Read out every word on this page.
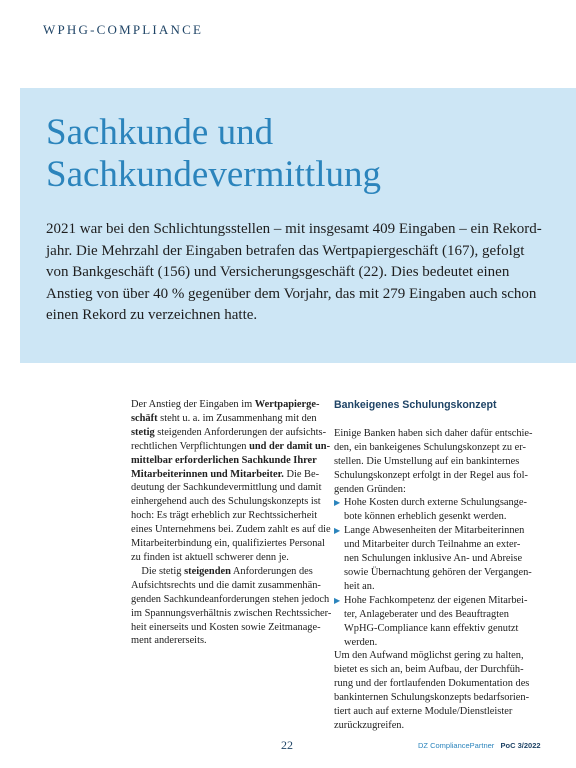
WPHG-COMPLIANCE
Sachkunde und
Sachkundevermittlung

2021 war bei den Schlichtungsstellen – mit insgesamt 409 Eingaben – ein Rekord-
jahr. Die Mehrzahl der Eingaben betrafen das Wertpapiergeschäft (167), gefolgt
von Bankgeschäft (156) und Versicherungsgeschäft (22). Dies bedeutet einen
Anstieg von über 40 % gegenüber dem Vorjahr, das mit 279 Eingaben auch schon
einen Rekord zu verzeichnen hatte.

Der Anstieg der Eingaben im Wertpapierge-
schäft steht u. a. im Zusammenhang mit den
stetig steigenden Anforderungen der aufsichts-
rechtlichen Verpflichtungen und der damit un-
mittelbar erforderlichen Sachkunde Ihrer
Mitarbeiterinnen und Mitarbeiter. Die Be-
deutung der Sachkundevermittlung und damit
einhergehend auch des Schulungskonzepts ist
hoch: Es trägt erheblich zur Rechtssicherheit
eines Unternehmens bei. Zudem zahlt es auf die
Mitarbeiterbindung ein, qualifiziertes Personal
zu finden ist aktuell schwerer denn je.
 Die stetig steigenden Anforderungen des
Aufsichtsrechts und die damit zusammenhän-
genden Sachkundeanforderungen stehen jedoch
im Spannungsverhältnis zwischen Rechtssicher-
heit einerseits und Kosten sowie Zeitmanage-
ment andererseits.
Bankeigenes Schulungskonzept
Einige Banken haben sich daher dafür entschie-
den, ein bankeigenes Schulungskonzept zu er-
stellen. Die Umstellung auf ein bankinternes
Schulungskonzept erfolgt in der Regel aus fol-
genden Gründen:
▶ Hohe Kosten durch externe Schulungsange-
bote können erheblich gesenkt werden.
▶ Lange Abwesenheiten der Mitarbeiterinnen
und Mitarbeiter durch Teilnahme an exter-
nen Schulungen inklusive An- und Abreise
sowie Übernachtung gehören der Vergangen-
heit an.
▶ Hohe Fachkompetenz der eigenen Mitarbei-
ter, Anlageberater und des Beauftragten
WpHG-Compliance kann effektiv genutzt
werden.
Um den Aufwand möglichst gering zu halten,
bietet es sich an, beim Aufbau, der Durchfüh-
rung und der fortlaufenden Dokumentation des
bankinternen Schulungskonzepts bedarfsorien-
tiert auch auf externe Module/Dienstleister
zurückzugreifen.
22	DZ CompliancePartner PoC 3/2022
